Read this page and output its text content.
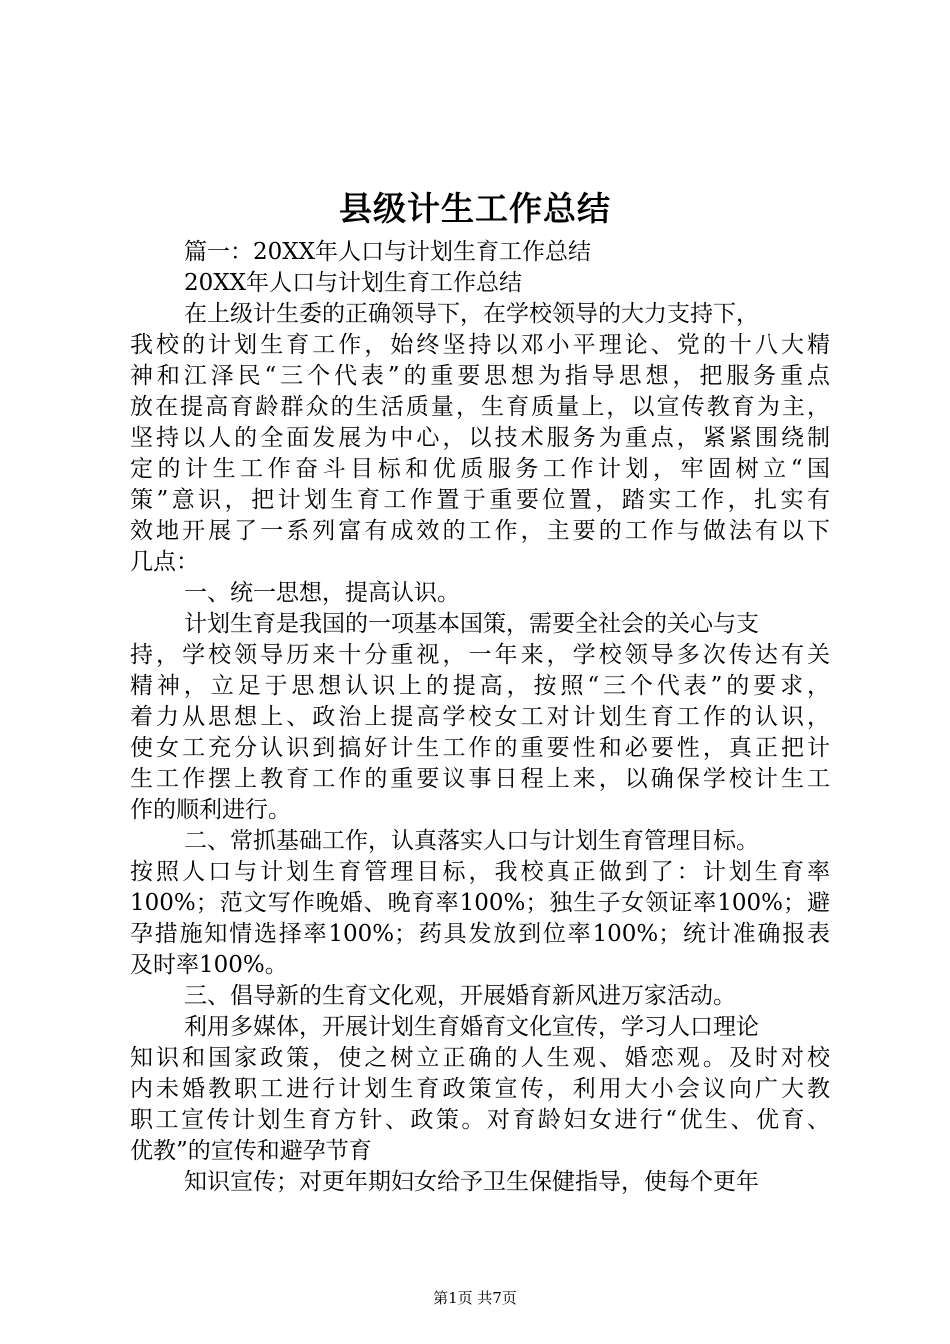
县级计生工作总结
篇一：20XX年人口与计划生育工作总结
20XX年人口与计划生育工作总结
在上级计生委的正确领导下，在学校领导的大力支持下，
我校的计划生育工作，始终坚持以邓小平理论、党的十八大精
神和江泽民“三个代表”的重要思想为指导思想，把服务重点
放在提高育龄群众的生活质量，生育质量上，以宣传教育为主，
坚持以人的全面发展为中心，以技术服务为重点，紧紧围绕制
定的计生工作奋斗目标和优质服务工作计划，牢固树立“国
策”意识，把计划生育工作置于重要位置，踏实工作，扎实有
效地开展了一系列富有成效的工作，主要的工作与做法有以下
几点：
一、统一思想，提高认识。
计划生育是我国的一项基本国策，需要全社会的关心与支
持，学校领导历来十分重视，一年来，学校领导多次传达有关
精神，立足于思想认识上的提高，按照“三个代表”的要求，
着力从思想上、政治上提高学校女工对计划生育工作的认识，
使女工充分认识到搞好计生工作的重要性和必要性，真正把计
生工作摆上教育工作的重要议事日程上来，以确保学校计生工
作的顺利进行。
二、常抓基础工作，认真落实人口与计划生育管理目标。
按照人口与计划生育管理目标，我校真正做到了：计划生育率
100%；范文写作晚婚、晚育率100%；独生子女领证率100%；避
孕措施知情选择率100%；药具发放到位率100%；统计准确报表
及时率100%。
三、倡导新的生育文化观，开展婚育新风进万家活动。
利用多媒体，开展计划生育婚育文化宣传，学习人口理论
知识和国家政策，使之树立正确的人生观、婚恋观。及时对校
内未婚教职工进行计划生育政策宣传，利用大小会议向广大教
职工宣传计划生育方针、政策。对育龄妇女进行“优生、优育、
优教”的宣传和避孕节育
知识宣传；对更年期妇女给予卫生保健指导，使每个更年
第1页 共7页
